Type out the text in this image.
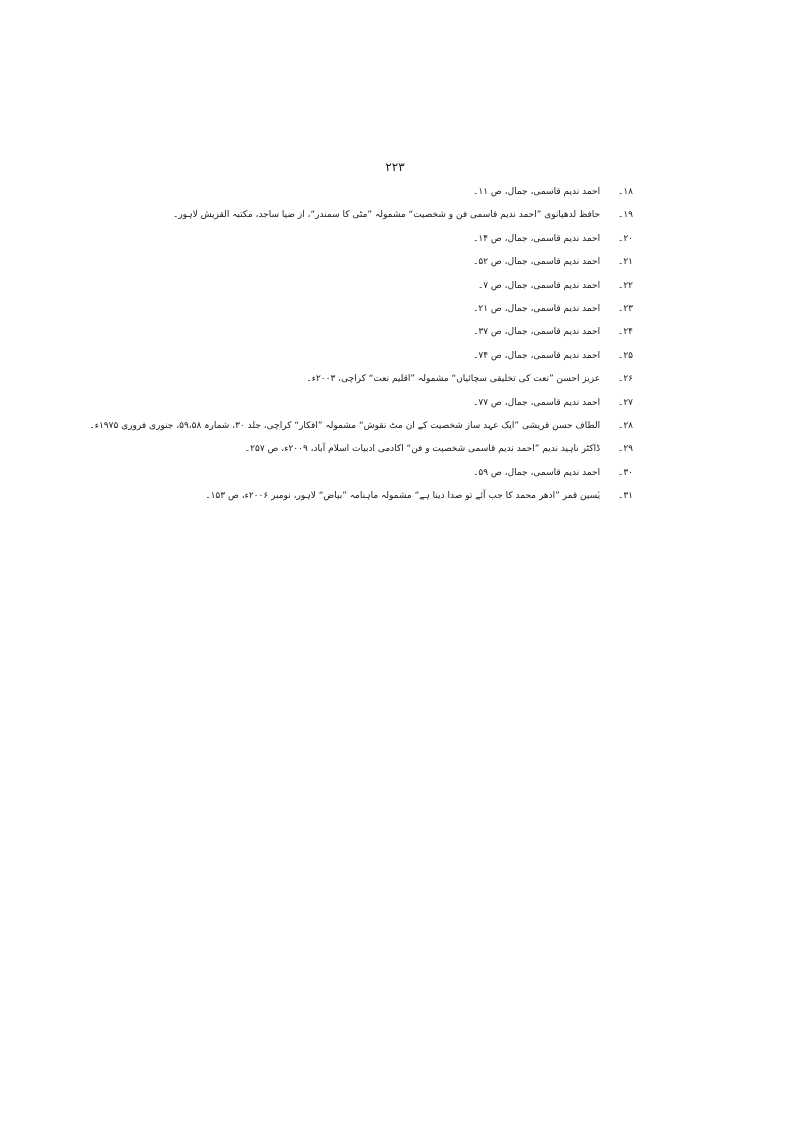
۲۲۳
۱۸۔ احمد ندیم قاسمی، جمال، ص ۱۱۔
۱۹۔ حافظ لدھیانوی ”احمد ندیم قاسمی فن و شخصیت“ مشمولہ ”مٹی کا سمندر“، از ضیا ساجد، مکتبہ القریش لاہور۔
۲۰۔ احمد ندیم قاسمی، جمال، ص ۱۴۔
۲۱۔ احمد ندیم قاسمی، جمال، ص ۵۲۔
۲۲۔ احمد ندیم قاسمی، جمال، ص ۷۔
۲۳۔ احمد ندیم قاسمی، جمال، ص ۲۱۔
۲۴۔ احمد ندیم قاسمی، جمال، ص ۳۷۔
۲۵۔ احمد ندیم قاسمی، جمال، ص ۷۴۔
۲۶۔ عزیز احسن ”نعت کی تخلیقی سچائیاں“ مشمولہ ”اقلیم نعت“ کراچی، ۲۰۰۳ء۔
۲۷۔ احمد ندیم قاسمی، جمال، ص ۷۷۔
۲۸۔ الطاف حسن قریشی ”ایک عہد ساز شخصیت کے ان مٹ نقوش“ مشمولہ ”افکار“ کراچی، جلد ۳۰، شمارہ ۵۹،۵۸، جنوری فروری ۱۹۷۵ء۔
۲۹۔ ڈاکٹر ناہید ندیم ”احمد ندیم قاسمی شخصیت و فن“ اکادمی ادبیات اسلام آباد، ۲۰۰۹ء، ص ۲۵۷۔
۳۰۔ احمد ندیم قاسمی، جمال، ص ۵۹۔
۳۱۔ یٰسین قمر ”ادھر محمد کا جب آئے تو صدا دینا ہے“ مشمولہ ماہنامہ ”بیاض“ لاہور، نومبر ۲۰۰۶ء، ص ۱۵۳۔
